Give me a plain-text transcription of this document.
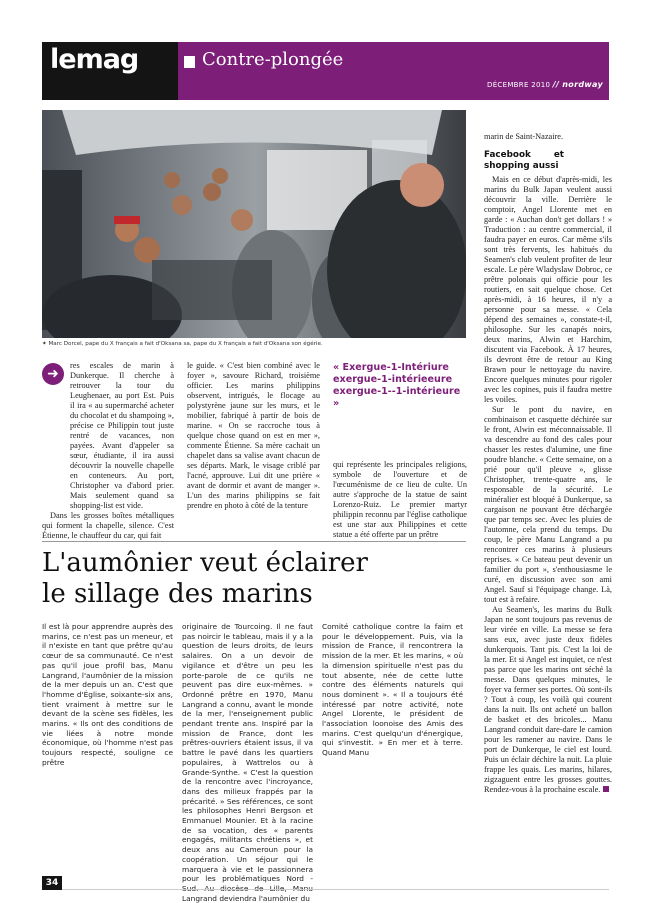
lemag	Contre-plongée
DÉCEMBRE 2010 // nordway
✦ Marc Dorcel, pape du X français a fait d'Oksana sa, pape du X français a fait d'Oksana son égérie.
➜

res escales de marin à Dunkerque. Il cherche à retrouver la tour du Leughenaer, au port Est. Puis il ira « au supermarché acheter du chocolat et du shampoing », précise ce Philippin tout juste rentré de vacances, non payées. Avant d'appeler sa sœur, étudiante, il ira aussi découvrir la nouvelle chapelle en conteneurs. Au port, Christopher va d'abord prier. Mais seulement quand sa shopping-list est vide.

Dans les grosses boîtes métalliques qui forment la chapelle, silence. C'est Étienne, le chauffeur du car, qui fait

le guide. « C'est bien combiné avec le foyer », savoure Richard, troisième officier. Les marins philippins observent, intrigués, le flocage au polystyrène jaune sur les murs, et le mobilier, fabriqué à partir de bois de marine. « On se raccroche tous à quelque chose quand on est en mer », commente Étienne. Sa mère cachait un chapelet dans sa valise avant chacun de ses départs. Mark, le visage criblé par l'acné, approuve. Lui dit une prière « avant de dormir et avant de manger ». L'un des marins philippins se fait prendre en photo à côté de la tenture

« Exergue-1-Intériure exergue-1-intérieeure exergue-1--1-intérieure »

qui représente les principales religions, symbole de l'ouverture et de l'œcuménisme de ce lieu de culte. Un autre s'approche de la statue de saint Lorenzo-Ruiz. Le premier martyr philippin reconnu par l'église catholique est une star aux Philippines et cette statue a été offerte par un prêtre

marin de Saint-Nazaire.

Facebook et shopping aussi

Mais en ce début d'après-midi, les marins du Bulk Japan veulent aussi découvrir la ville. Derrière le comptoir, Angel Llorente met en garde : « Auchan don't get dollars ! » Traduction : au centre commercial, il faudra payer en euros. Car même s'ils sont très fervents, les habitués du Seamen's club veulent profiter de leur escale. Le père Wladyslaw Dobroc, ce prêtre polonais qui officie pour les routiers, en sait quelque chose. Cet après-midi, à 16 heures, il n'y a personne pour sa messe. « Cela dépend des semaines », constate-t-il, philosophe. Sur les canapés noirs, deux marins, Alwin et Harchim, discutent via Facebook. À 17 heures, ils devront être de retour au King Brawn pour le nettoyage du navire. Encore quelques minutes pour rigoler avec les copines, puis il faudra mettre les voiles.

Sur le pont du navire, en combinaison et casquette déchirée sur le front, Alwin est méconnaissable. Il va descendre au fond des cales pour chasser les restes d'alumine, une fine poudre blanche. « Cette semaine, on a prié pour qu'il pleuve », glisse Christopher, trente-quatre ans, le responsable de la sécurité. Le minéralier est bloqué à Dunkerque, sa cargaison ne pouvant être déchargée que par temps sec. Avec les pluies de l'automne, cela prend du temps. Du coup, le père Manu Langrand a pu rencontrer ces marins à plusieurs reprises. « Ce bateau peut devenir un familier du port », s'enthousiasme le curé, en discussion avec son ami Angel. Sauf si l'équipage change. Là, tout est à refaire.

Au Seamen's, les marins du Bulk Japan ne sont toujours pas revenus de leur virée en ville. La messe se fera sans eux, avec juste deux fidèles dunkerquois. Tant pis. C'est la loi de la mer. Et si Angel est inquiet, ce n'est pas parce que les marins ont séché la messe. Dans quelques minutes, le foyer va fermer ses portes. Où sont-ils ? Tout à coup, les voilà qui courent dans la nuit. Ils ont acheté un ballon de basket et des bricoles... Manu Langrand conduit dare-dare le camion pour les ramener au navire. Dans le port de Dunkerque, le ciel est lourd. Puis un éclair déchire la nuit. La pluie frappe les quais. Les marins, hilares, zigzaguent entre les grosses gouttes. Rendez-vous à la prochaine escale.

L'aumônier veut éclairer
le sillage des marins

Il est là pour apprendre auprès des marins, ce n'est pas un meneur, et il n'existe en tant que prêtre qu'au cœur de sa communauté. Ce n'est pas qu'il joue profil bas, Manu Langrand, l'aumônier de la mission de la mer depuis un an. C'est que l'homme d'Église, soixante-six ans, tient vraiment à mettre sur le devant de la scène ses fidèles, les marins. « Ils ont des conditions de vie liées à notre monde économique, où l'homme n'est pas toujours respecté, souligne ce prêtre

originaire de Tourcoing. Il ne faut pas noircir le tableau, mais il y a la question de leurs droits, de leurs salaires. On a un devoir de vigilance et d'être un peu les porte-parole de ce qu'ils ne peuvent pas dire eux-mêmes. » Ordonné prêtre en 1970, Manu Langrand a connu, avant le monde de la mer, l'enseignement public pendant trente ans. Inspiré par la mission de France, dont les prêtres-ouvriers étaient issus, il va battre le pavé dans les quartiers populaires, à Wattrelos ou à Grande-Synthe. « C'est la question de la rencontre avec l'incroyance, dans des milieux frappés par la précarité. » Ses références, ce sont les philosophes Henri Bergson et Emmanuel Mounier. Et à la racine de sa vocation, des « parents engagés, militants chrétiens », et deux ans au Cameroun pour la coopération. Un séjour qui le marquera à vie et le passionnera pour les problématiques Nord - Langrand deviendra l'aumônier du

Comité catholique contre la faim et pour le développement. Puis, via la mission de France, il rencontrera la mission de la mer. Et les marins, « où la dimension spirituelle n'est pas du tout absente, née de cette lutte contre des éléments naturels qui nous dominent ». « Il a toujours été intéressé par notre activité, note Angel Llorente, le président de l'association loonoise des Amis des marins. C'est quelqu'un d'énergique, qui s'investit. » En mer et à terre. Quand Manu

34
